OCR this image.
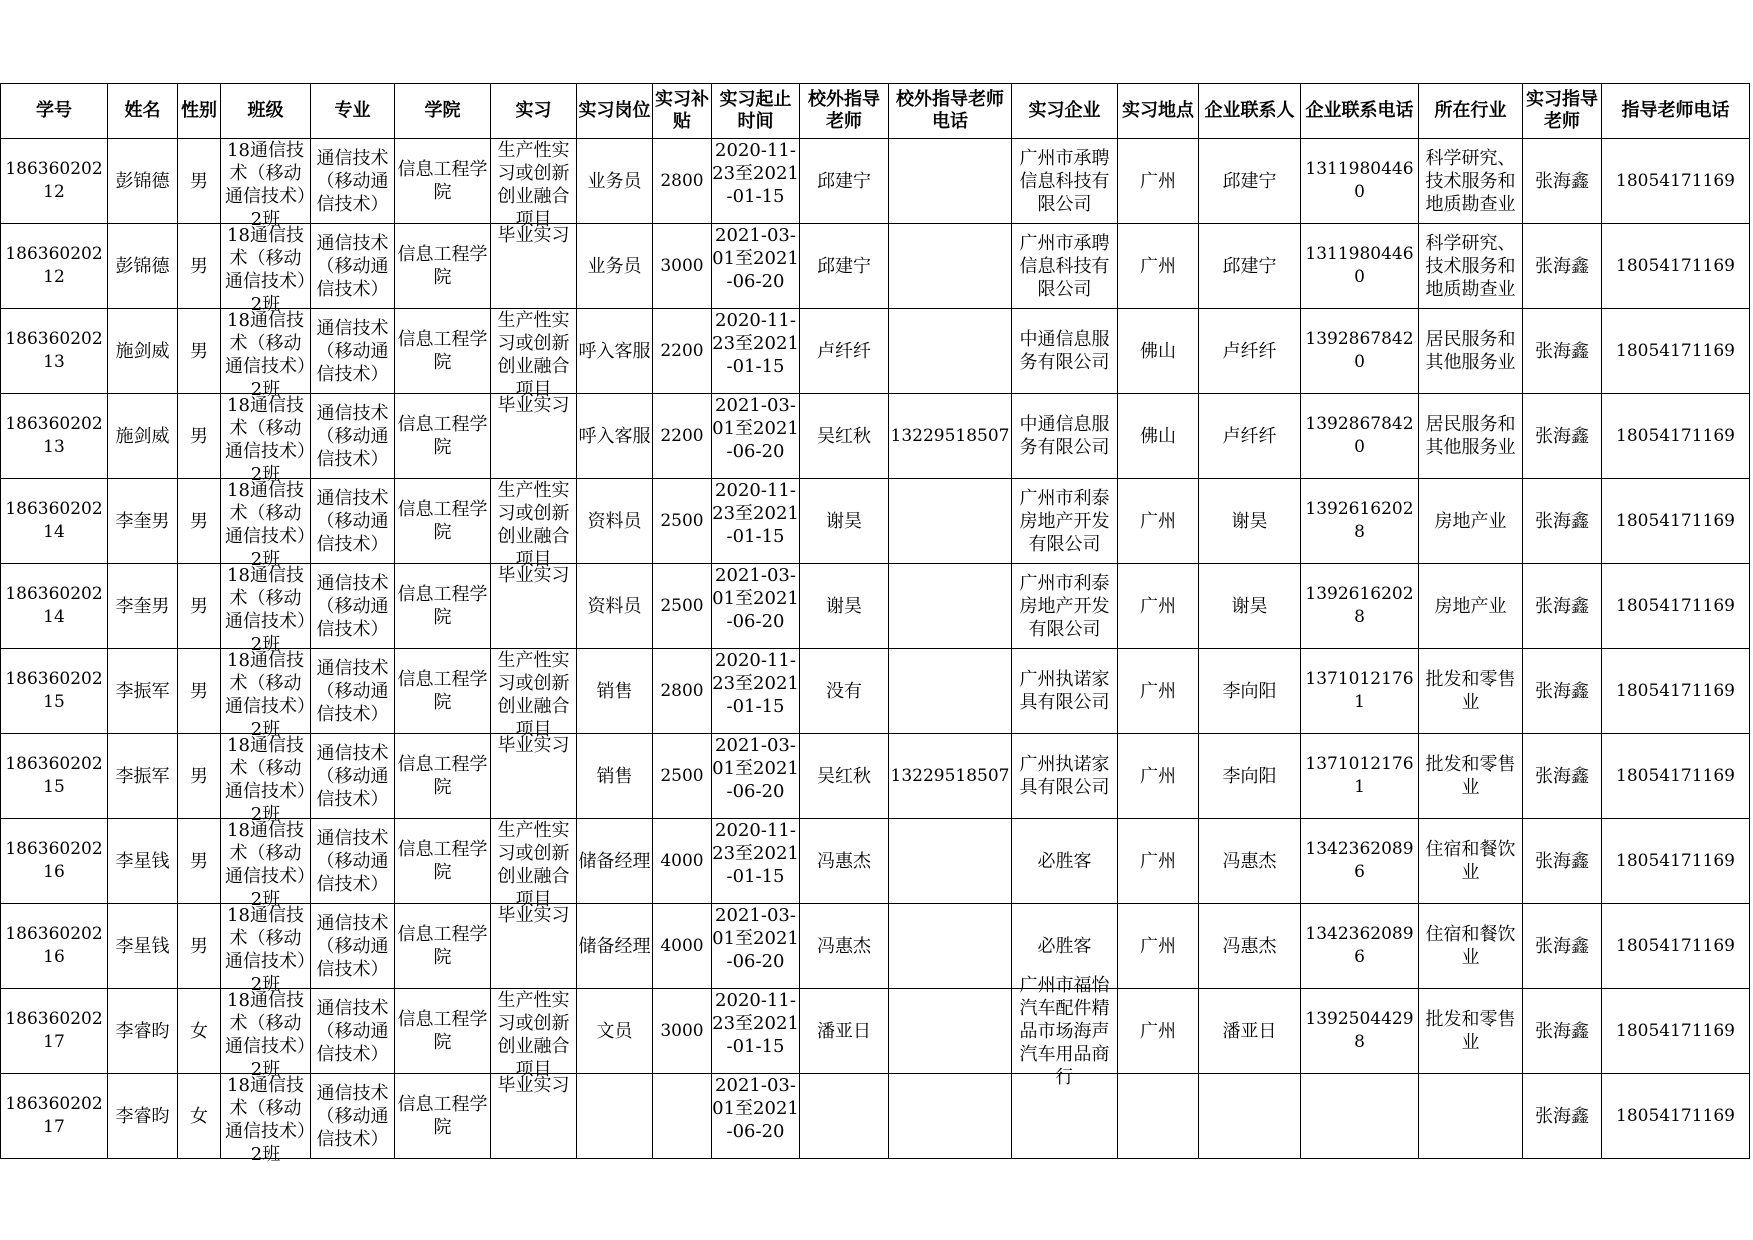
学号	姓名	性别	班级	专业	学院	实习	实习岗位	实习补贴	实习起止时间	校外指导老师	校外指导老师电话	实习企业	实习地点	企业联系人	企业联系电话	所在行业	实习指导老师	指导老师电话

18636020212	彭锦德	男	18通信技术（移动通信技术）2班	通信技术（移动通信技术）	信息工程学院	生产性实习或创新创业融合项目	业务员	2800	2020-11-23至2021-01-15	邱建宁		广州市承聘信息科技有限公司	广州	邱建宁	13119804460	科学研究、技术服务和地质勘查业	张海鑫	18054171169

18636020212	彭锦德	男	18通信技术（移动通信技术）2班	通信技术（移动通信技术）	信息工程学院	毕业实习	业务员	3000	2021-03-01至2021-06-20	邱建宁		广州市承聘信息科技有限公司	广州	邱建宁	13119804460	科学研究、技术服务和地质勘查业	张海鑫	18054171169

18636020213	施剑威	男	18通信技术（移动通信技术）2班	通信技术（移动通信技术）	信息工程学院	生产性实习或创新创业融合项目	呼入客服	2200	2020-11-23至2021-01-15	卢纤纤		中通信息服务有限公司	佛山	卢纤纤	13928678420	居民服务和其他服务业	张海鑫	18054171169

18636020213	施剑威	男	18通信技术（移动通信技术）2班	通信技术（移动通信技术）	信息工程学院	毕业实习	呼入客服	2200	2021-03-01至2021-06-20	吴红秋	13229518507	中通信息服务有限公司	佛山	卢纤纤	13928678420	居民服务和其他服务业	张海鑫	18054171169

18636020214	李奎男	男	18通信技术（移动通信技术）2班	通信技术（移动通信技术）	信息工程学院	生产性实习或创新创业融合项目	资料员	2500	2020-11-23至2021-01-15	谢昊		广州市利泰房地产开发有限公司	广州	谢昊	13926162028	房地产业	张海鑫	18054171169

18636020214	李奎男	男	18通信技术（移动通信技术）2班	通信技术（移动通信技术）	信息工程学院	毕业实习	资料员	2500	2021-03-01至2021-06-20	谢昊		广州市利泰房地产开发有限公司	广州	谢昊	13926162028	房地产业	张海鑫	18054171169

18636020215	李振军	男	18通信技术（移动通信技术）2班	通信技术（移动通信技术）	信息工程学院	生产性实习或创新创业融合项目	销售	2800	2020-11-23至2021-01-15	没有		广州执诺家具有限公司	广州	李向阳	13710121761	批发和零售业	张海鑫	18054171169

18636020215	李振军	男	18通信技术（移动通信技术）2班	通信技术（移动通信技术）	信息工程学院	毕业实习	销售	2500	2021-03-01至2021-06-20	吴红秋	13229518507	广州执诺家具有限公司	广州	李向阳	13710121761	批发和零售业	张海鑫	18054171169

18636020216	李星钱	男	18通信技术（移动通信技术）2班	通信技术（移动通信技术）	信息工程学院	生产性实习或创新创业融合项目	储备经理	4000	2020-11-23至2021-01-15	冯惠杰		必胜客	广州	冯惠杰	13423620896	住宿和餐饮业	张海鑫	18054171169

18636020216	李星钱	男	18通信技术（移动通信技术）2班	通信技术（移动通信技术）	信息工程学院	毕业实习	储备经理	4000	2021-03-01至2021-06-20	冯惠杰		必胜客	广州	冯惠杰	13423620896	住宿和餐饮业	张海鑫	18054171169

18636020217	李睿昀	女	18通信技术（移动通信技术）2班	通信技术（移动通信技术）	信息工程学院	生产性实习或创新创业融合项目	文员	3000	2020-11-23至2021-01-15	潘亚日		广州市福怡汽车配件精品市场海声汽车用品商行	广州	潘亚日	13925044298	批发和零售业	张海鑫	18054171169

18636020217	李睿昀	女	18通信技术（移动通信技术）2班	通信技术（移动通信技术）	信息工程学院	毕业实习			2021-03-01至2021-06-20								张海鑫	18054171169
